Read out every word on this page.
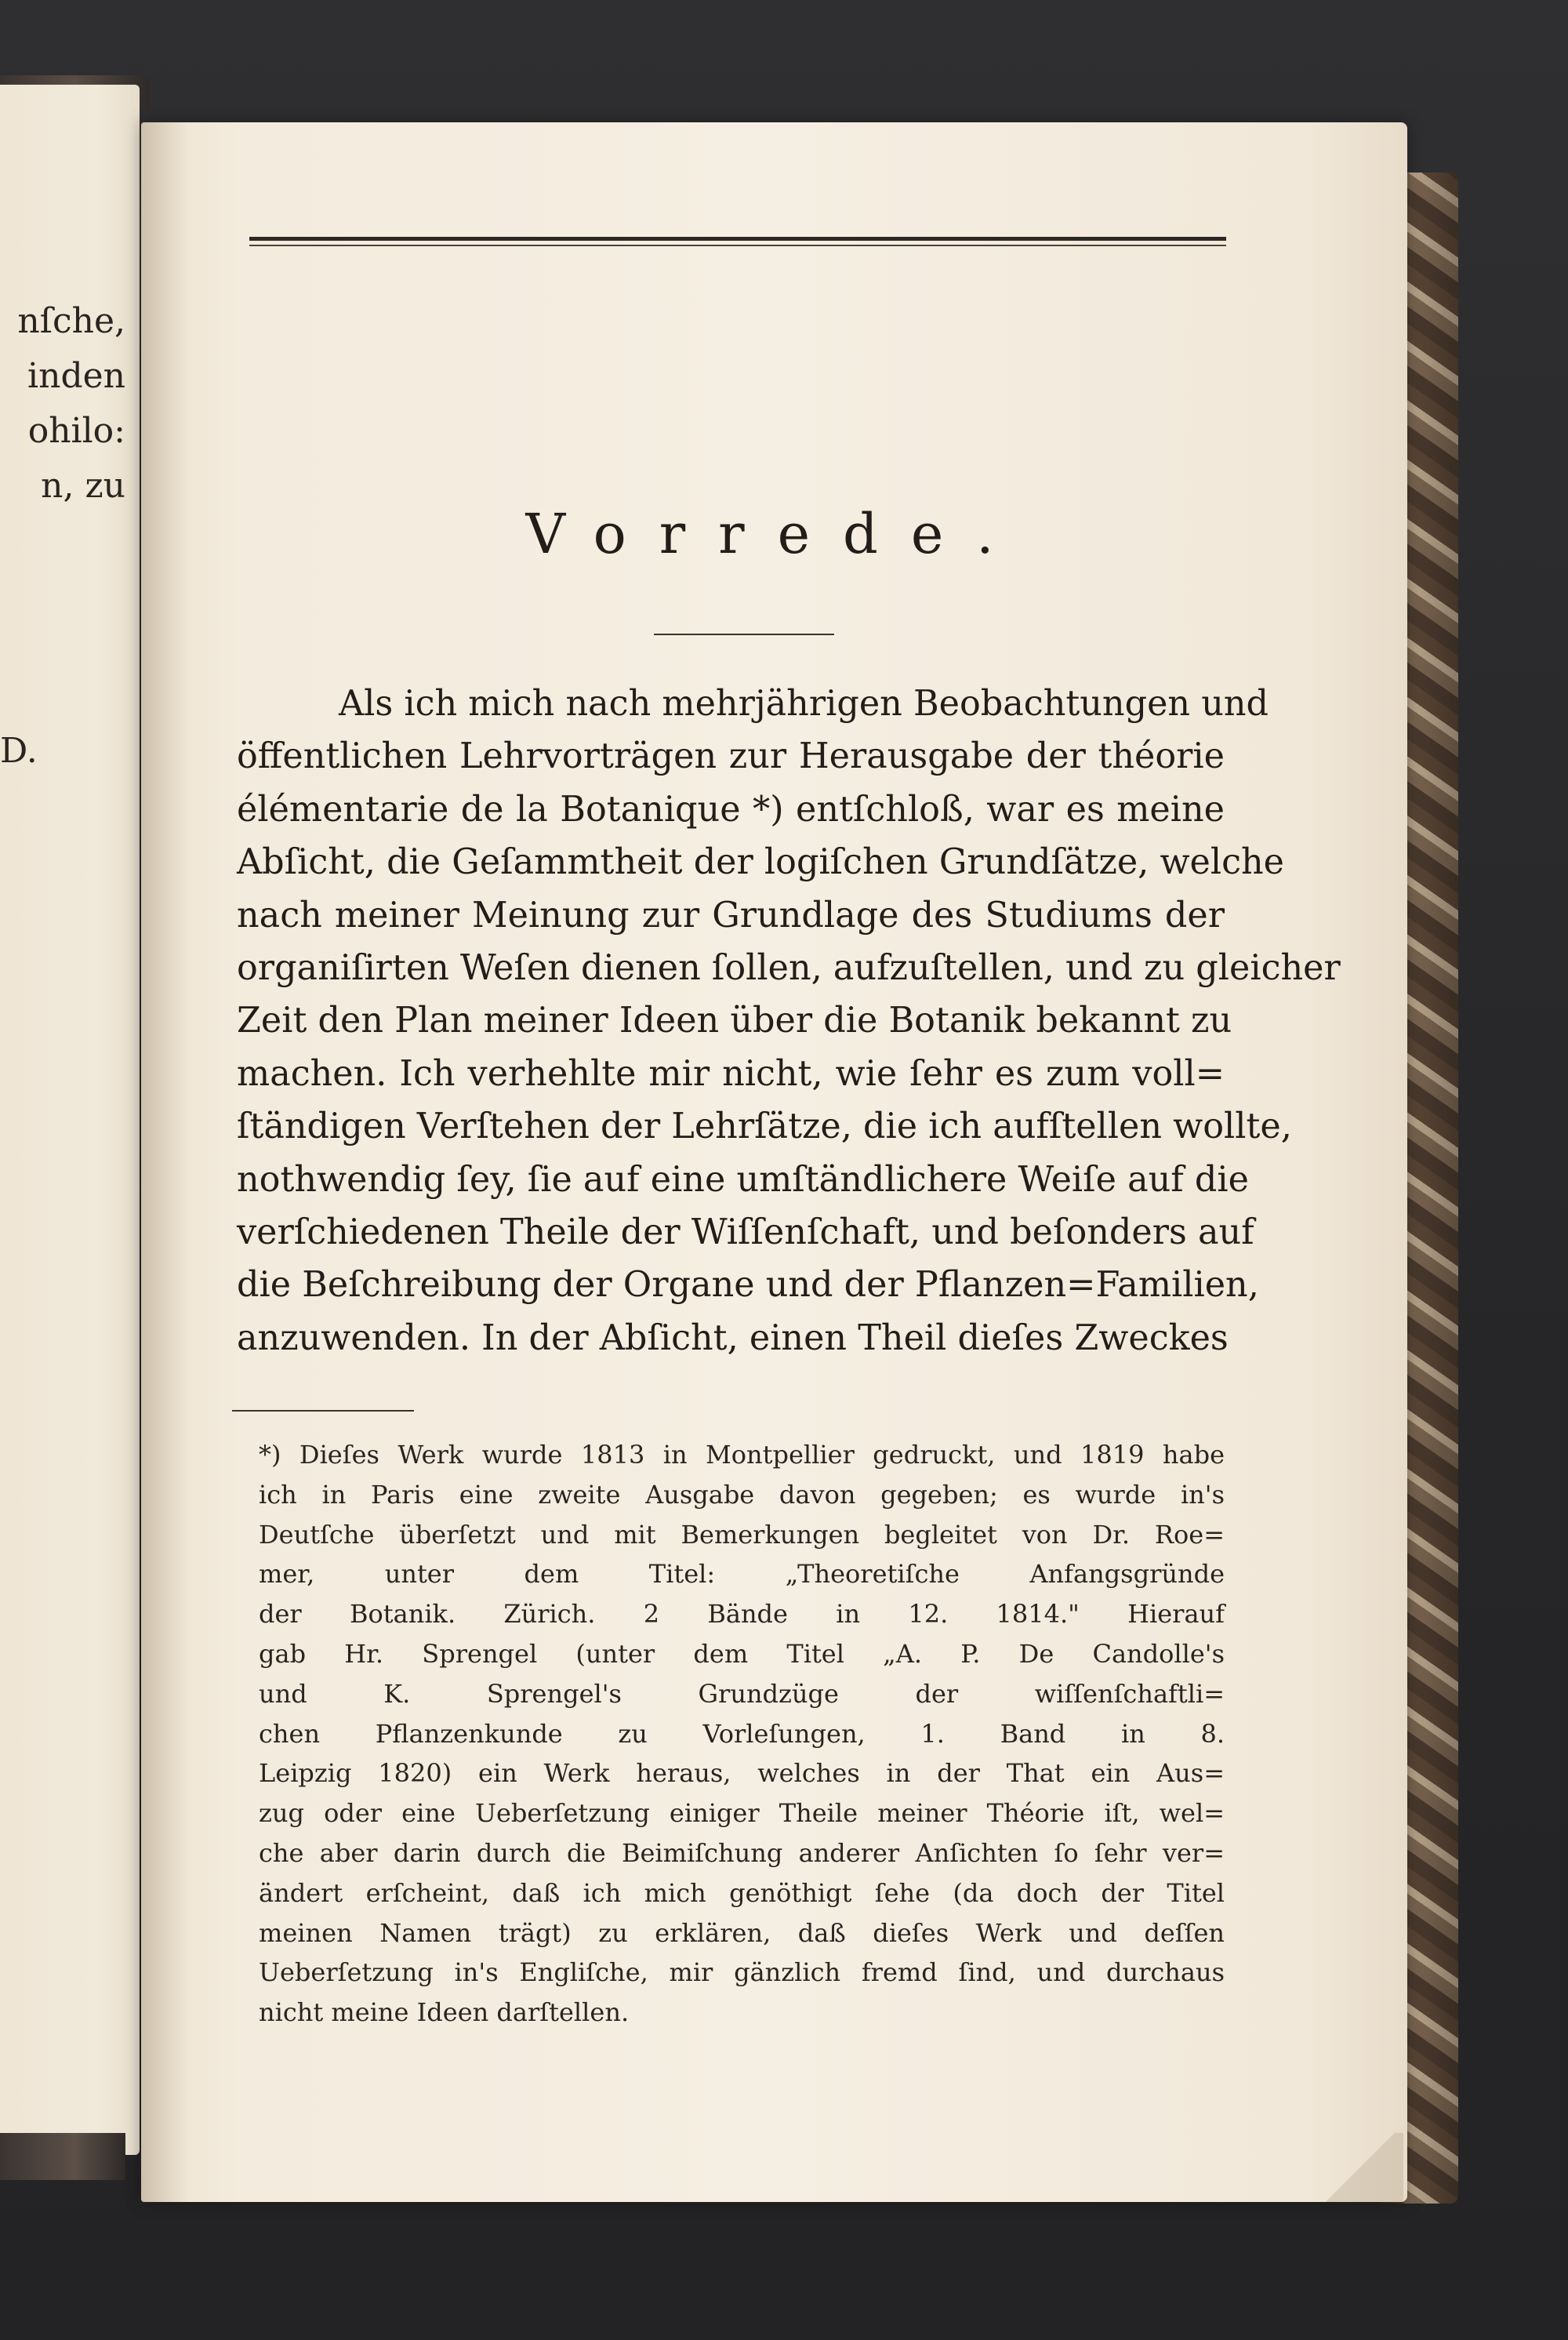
nſche,
inden
ohilo:
n, zu
D.
Vorrede.
Als ich mich nach mehrjährigen Beobachtungen und
öffentlichen Lehrvorträgen zur Herausgabe der théorie
élémentarie de la Botanique *) entſchloß, war es meine
Abſicht, die Geſammtheit der logiſchen Grundſätze, welche
nach meiner Meinung zur Grundlage des Studiums der
organiſirten Weſen dienen ſollen, aufzuſtellen, und zu gleicher
Zeit den Plan meiner Ideen über die Botanik bekannt zu
machen. Ich verhehlte mir nicht, wie ſehr es zum voll=
ſtändigen Verſtehen der Lehrſätze, die ich aufſtellen wollte,
nothwendig ſey, ſie auf eine umſtändlichere Weiſe auf die
verſchiedenen Theile der Wiſſenſchaft, und beſonders auf
die Beſchreibung der Organe und der Pflanzen=Familien,
anzuwenden. In der Abſicht, einen Theil dieſes Zweckes
*) Dieſes Werk wurde 1813 in Montpellier gedruckt, und 1819 habe
ich in Paris eine zweite Ausgabe davon gegeben; es wurde in's
Deutſche überſetzt und mit Bemerkungen begleitet von Dr. Roe=
mer, unter dem Titel: „Theoretiſche Anfangsgründe
der Botanik. Zürich. 2 Bände in 12. 1814." Hierauf
gab Hr. Sprengel (unter dem Titel „A. P. De Candolle's
und K. Sprengel's Grundzüge der wiſſenſchaftli=
chen Pflanzenkunde zu Vorleſungen, 1. Band in 8.
Leipzig 1820) ein Werk heraus, welches in der That ein Aus=
zug oder eine Ueberſetzung einiger Theile meiner Théorie iſt, wel=
che aber darin durch die Beimiſchung anderer Anſichten ſo ſehr ver=
ändert erſcheint, daß ich mich genöthigt ſehe (da doch der Titel
meinen Namen trägt) zu erklären, daß dieſes Werk und deſſen
Ueberſetzung in's Engliſche, mir gänzlich fremd ſind, und durchaus
nicht meine Ideen darſtellen.
